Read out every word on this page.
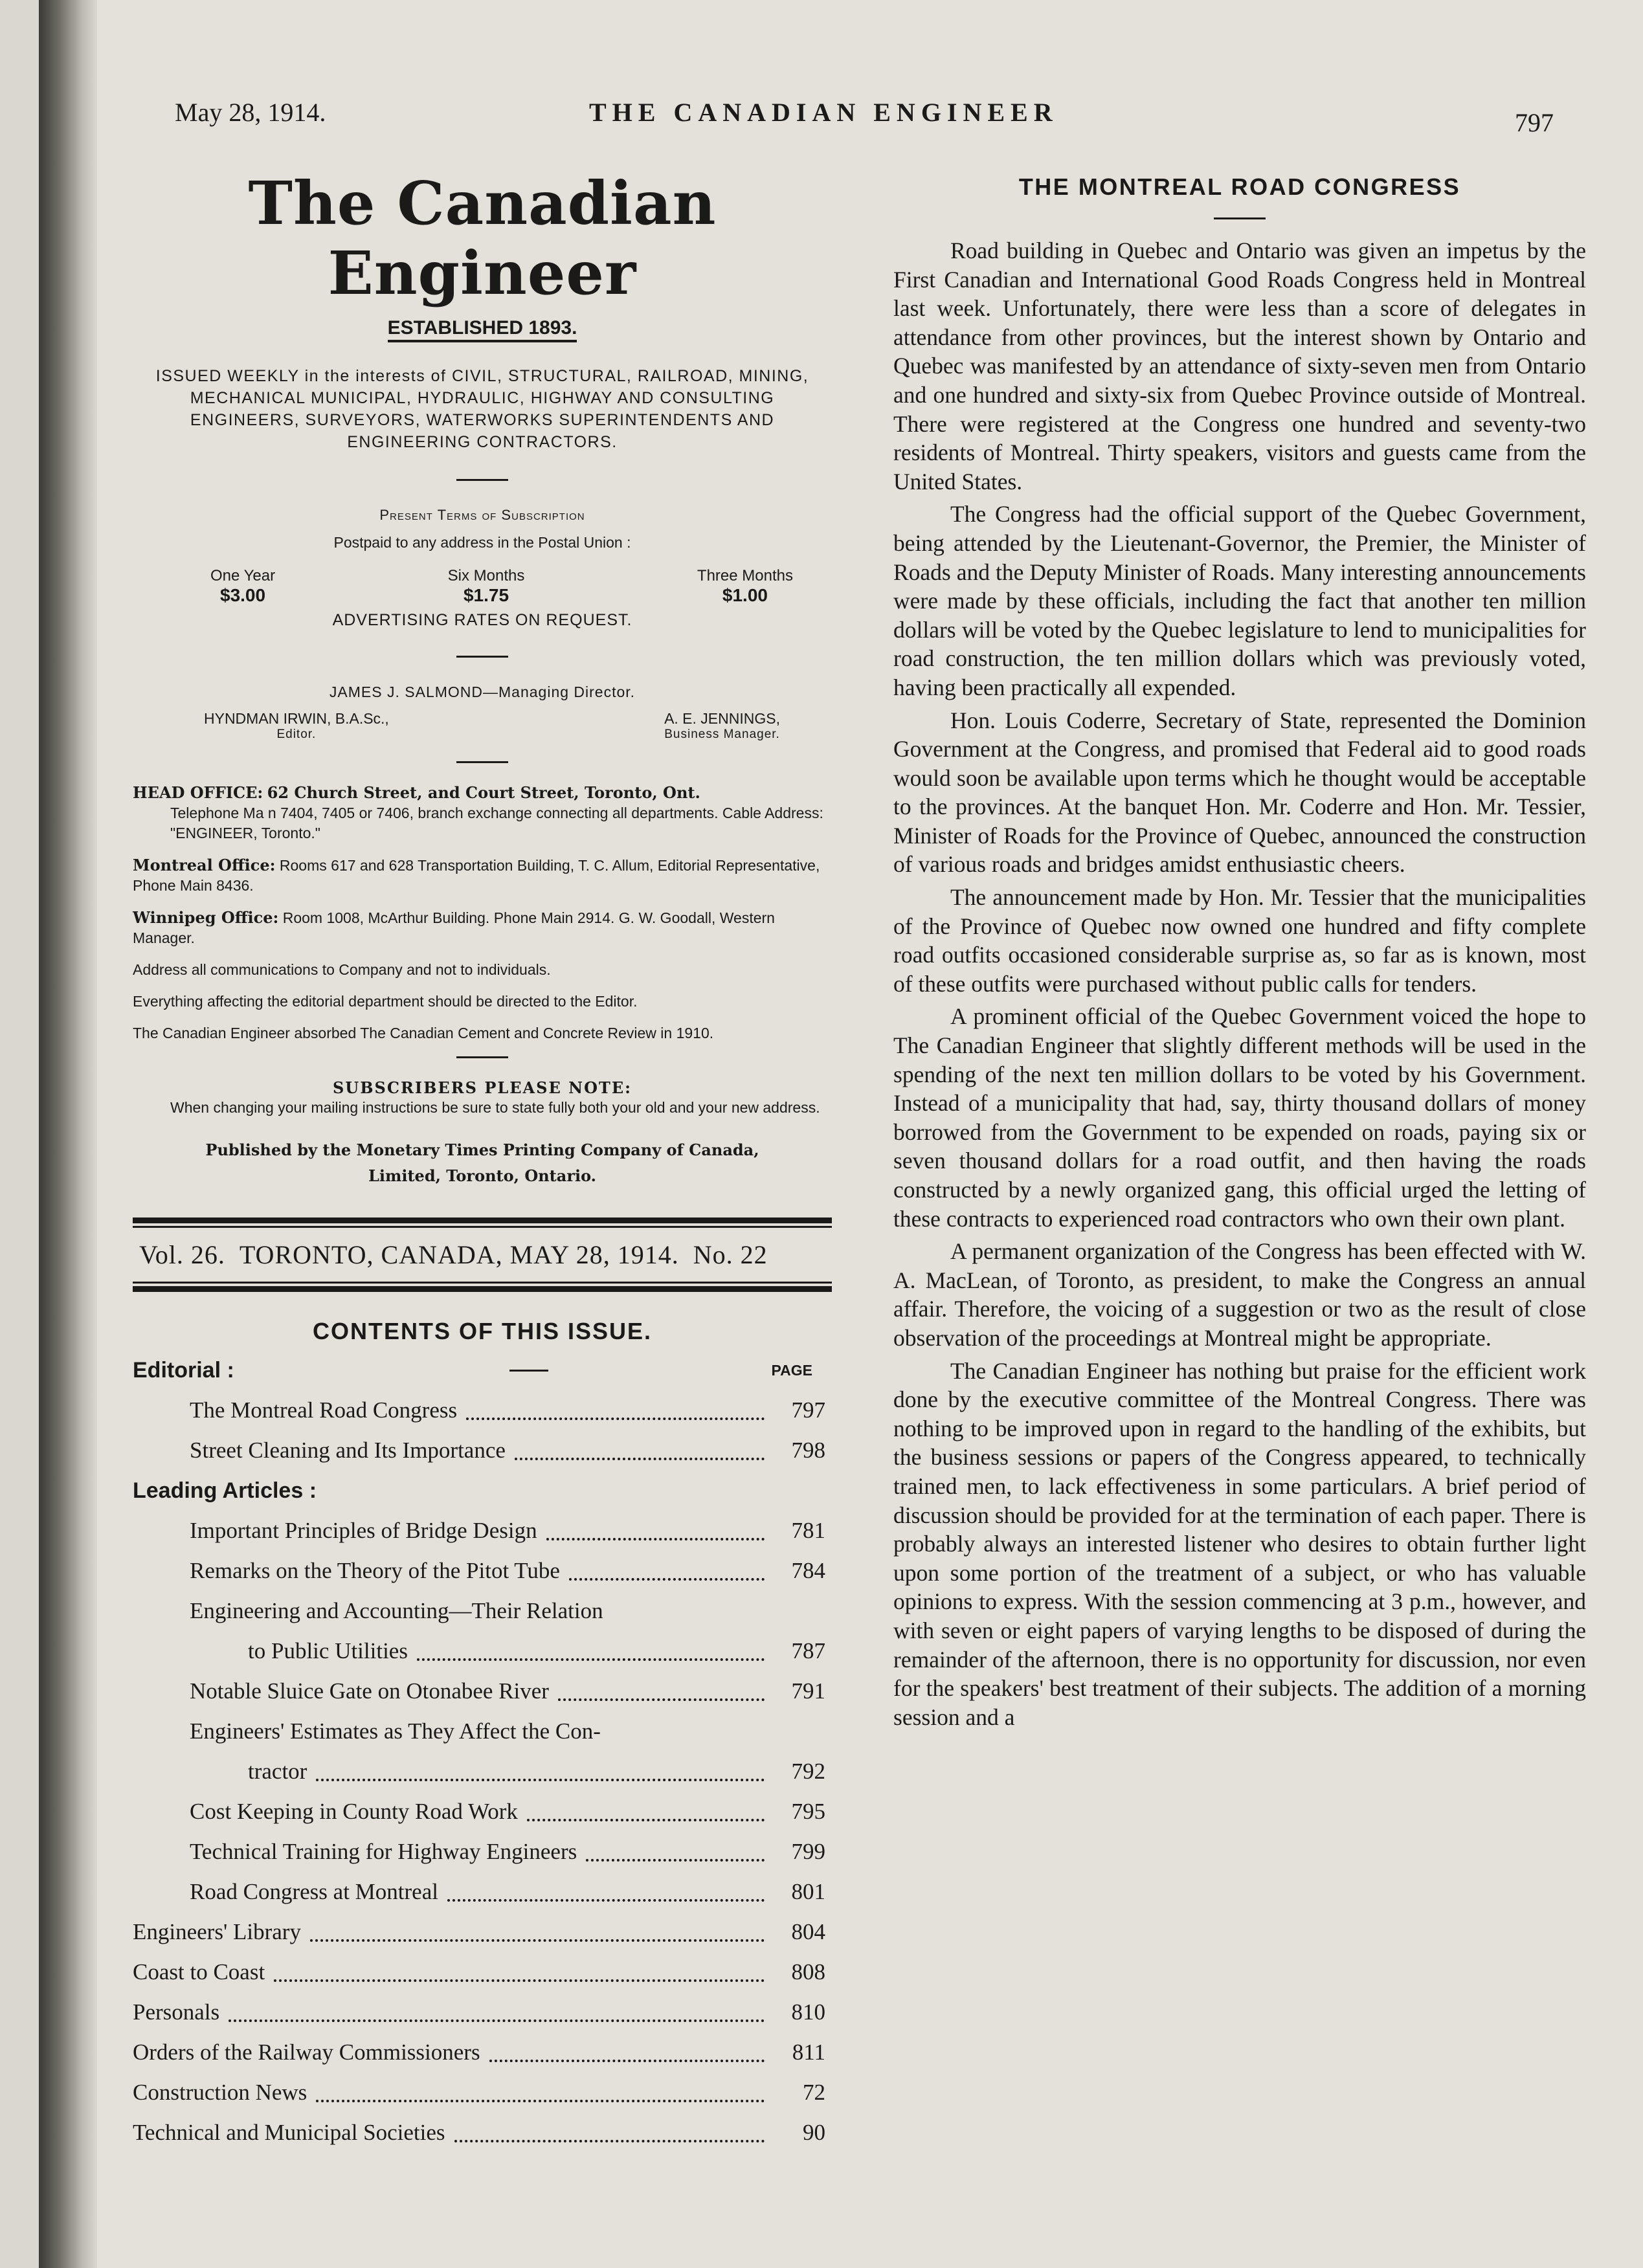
May 28, 1914.	THE CANADIAN ENGINEER	797
The Canadian Engineer
ESTABLISHED 1893.
ISSUED WEEKLY in the interests of CIVIL, STRUCTURAL, RAILROAD, MINING, MECHANICAL MUNICIPAL, HYDRAULIC, HIGHWAY AND CONSULTING ENGINEERS, SURVEYORS, WATERWORKS SUPERINTENDENTS AND ENGINEERING CONTRACTORS.
Present Terms of Subscription
Postpaid to any address in the Postal Union :
One Year
$3.00
Six Months
$1.75
Three Months
$1.00
ADVERTISING RATES ON REQUEST.
JAMES J. SALMOND—Managing Director.
HYNDMAN IRWIN, B.A.Sc.,
Editor.
A. E. JENNINGS,
Business Manager.

HEAD OFFICE: 62 Church Street, and Court Street, Toronto, Ont.
Telephone Ma n 7404, 7405 or 7406, branch exchange connecting all departments. Cable Address: "ENGINEER, Toronto."

Montreal Office: Rooms 617 and 628 Transportation Building, T. C. Allum, Editorial Representative, Phone Main 8436.

Winnipeg Office: Room 1008, McArthur Building. Phone Main 2914. G. W. Goodall, Western Manager.

Address all communications to Company and not to individuals.

Everything affecting the editorial department should be directed to the Editor.

The Canadian Engineer absorbed The Canadian Cement and Concrete Review in 1910.

SUBSCRIBERS PLEASE NOTE:
When changing your mailing instructions be sure to state fully both your old and your new address.
Published by the Monetary Times Printing Company of Canada,
Limited, Toronto, Ontario.
Vol. 26. TORONTO, CANADA, MAY 28, 1914. No. 22
CONTENTS OF THIS ISSUE.
Editorial :	PAGE
The Montreal Road Congress	797
Street Cleaning and Its Importance	798
Leading Articles :
Important Principles of Bridge Design	781
Remarks on the Theory of the Pitot Tube	784
Engineering and Accounting—Their Relation
to Public Utilities	787
Notable Sluice Gate on Otonabee River	791
Engineers' Estimates as They Affect the Con-
tractor	792
Cost Keeping in County Road Work	795
Technical Training for Highway Engineers	799
Road Congress at Montreal	801
Engineers' Library	804
Coast to Coast	808
Personals	810
Orders of the Railway Commissioners	811
Construction News	72
Technical and Municipal Societies	90
THE MONTREAL ROAD CONGRESS

Road building in Quebec and Ontario was given an impetus by the First Canadian and International Good Roads Congress held in Montreal last week. Unfortunately, there were less than a score of delegates in attendance from other provinces, but the interest shown by Ontario and Quebec was manifested by an attendance of sixty-seven men from Ontario and one hundred and sixty-six from Quebec Province outside of Montreal. There were registered at the Congress one hundred and seventy-two residents of Montreal. Thirty speakers, visitors and guests came from the United States.

The Congress had the official support of the Quebec Government, being attended by the Lieutenant-Governor, the Premier, the Minister of Roads and the Deputy Minister of Roads. Many interesting announcements were made by these officials, including the fact that another ten million dollars will be voted by the Quebec legislature to lend to municipalities for road construction, the ten million dollars which was previously voted, having been practically all expended.

Hon. Louis Coderre, Secretary of State, represented the Dominion Government at the Congress, and promised that Federal aid to good roads would soon be available upon terms which he thought would be acceptable to the provinces. At the banquet Hon. Mr. Coderre and Hon. Mr. Tessier, Minister of Roads for the Province of Quebec, announced the construction of various roads and bridges amidst enthusiastic cheers.

The announcement made by Hon. Mr. Tessier that the municipalities of the Province of Quebec now owned one hundred and fifty complete road outfits occasioned considerable surprise as, so far as is known, most of these outfits were purchased without public calls for tenders.

A prominent official of the Quebec Government voiced the hope to The Canadian Engineer that slightly different methods will be used in the spending of the next ten million dollars to be voted by his Government. Instead of a municipality that had, say, thirty thousand dollars of money borrowed from the Government to be expended on roads, paying six or seven thousand dollars for a road outfit, and then having the roads constructed by a newly organized gang, this official urged the letting of these contracts to experienced road contractors who own their own plant.

A permanent organization of the Congress has been effected with W. A. MacLean, of Toronto, as president, to make the Congress an annual affair. Therefore, the voicing of a suggestion or two as the result of close observation of the proceedings at Montreal might be appropriate.

The Canadian Engineer has nothing but praise for the efficient work done by the executive committee of the Montreal Congress. There was nothing to be improved upon in regard to the handling of the exhibits, but the business sessions or papers of the Congress appeared, to technically trained men, to lack effectiveness in some particulars. A brief period of discussion should be provided for at the termination of each paper. There is probably always an interested listener who desires to obtain further light upon some portion of the treatment of a subject, or who has valuable opinions to express. With the session commencing at 3 p.m., however, and with seven or eight papers of varying lengths to be disposed of during the remainder of the afternoon, there is no opportunity for discussion, nor even for the speakers' best treatment of their subjects. The addition of a morning session and a
